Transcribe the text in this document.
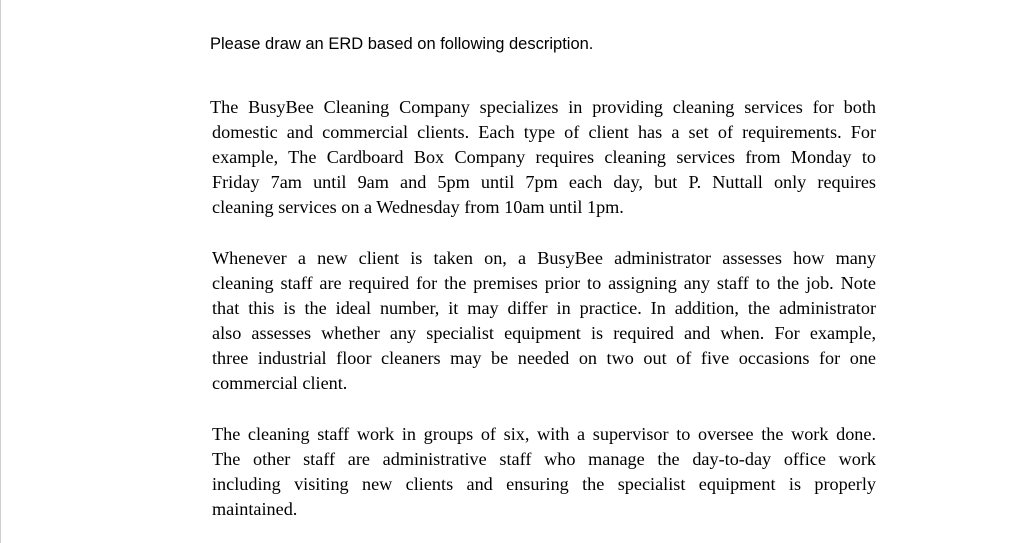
Please draw an ERD based on following description.
The BusyBee Cleaning Company specializes in providing cleaning services for both
domestic and commercial clients. Each type of client has a set of requirements. For
example, The Cardboard Box Company requires cleaning services from Monday to
Friday 7am until 9am and 5pm until 7pm each day, but P. Nuttall only requires
cleaning services on a Wednesday from 10am until 1pm.
Whenever a new client is taken on, a BusyBee administrator assesses how many
cleaning staff are required for the premises prior to assigning any staff to the job. Note
that this is the ideal number, it may differ in practice. In addition, the administrator
also assesses whether any specialist equipment is required and when. For example,
three industrial floor cleaners may be needed on two out of five occasions for one
commercial client.
The cleaning staff work in groups of six, with a supervisor to oversee the work done.
The other staff are administrative staff who manage the day-to-day office work
including visiting new clients and ensuring the specialist equipment is properly
maintained.
